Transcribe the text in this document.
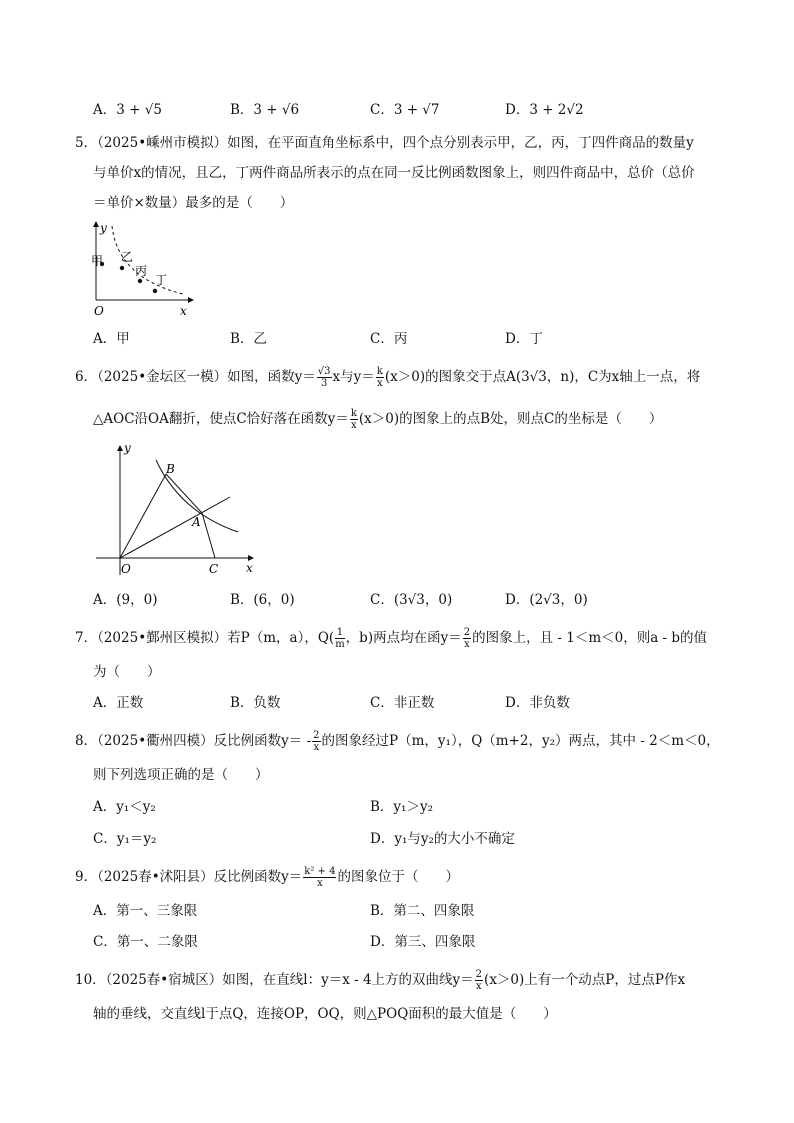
A．3 + √5	B．3 + √6	C．3 + √7	D．3 + 2√2
5．（2025•嵊州市模拟）如图，在平面直角坐标系中，四个点分别表示甲，乙，丙，丁四件商品的数量y
与单价x的情况，且乙，丁两件商品所表示的点在同一反比例函数图象上，则四件商品中，总价（总价
＝单价×数量）最多的是（　　）
y
x
O
甲 乙
丙
丁
A．甲	B．乙	C．丙	D．丁
6．（2025•金坛区一模）如图，函数$y= \frac{√3}{3}$ x与$y= \frac{k}{x} (x>0)$的图象交于点A(3√3，n)，C为x轴上一点，将
△AOC沿OA翻折，使点C恰好落在函数$y= \frac{k}{x} (x>0)$的图象上的点B处，则点C的坐标是（　　）
y
x
B
A
O	C
A．(9，0)	B．(6，0)	C．(3√3，0)	D．(2√3，0)
7．（2025•鄞州区模拟）若P（m，a），$Q( \frac{1}{m}$ ，b)两点均在函$y= \frac{2}{x}$ 的图象上，且 - 1＜m＜0，则a - b的值
为（　　）
A．正数	B．负数	C．非正数	D．非负数
8．（2025•衢州四模）反比例函数$y= - \frac{2}{x}$ 的图象经过P（m，y₁），Q（m+2，y₂）两点，其中 - 2＜m＜0，
则下列选项正确的是（　　）
A．y₁＜y₂	B．y₁＞y₂
C．y₁＝y₂	D．y₁与y₂的大小不确定
9．（2025春•沭阳县）反比例函数$y= \frac{\text{k² + 4}}{x}$ 的图象位于（　　）
A．第一、三象限	B．第二、四象限
C．第一、二象限	D．第三、四象限
10．（2025春•宿城区）如图，在直线l：y＝x - 4上方的双曲线$y= \frac{2}{x} (x>0)$上有一个动点P，过点P作x
轴的垂线，交直线l于点Q，连接OP，OQ，则△POQ面积的最大值是（　　）
